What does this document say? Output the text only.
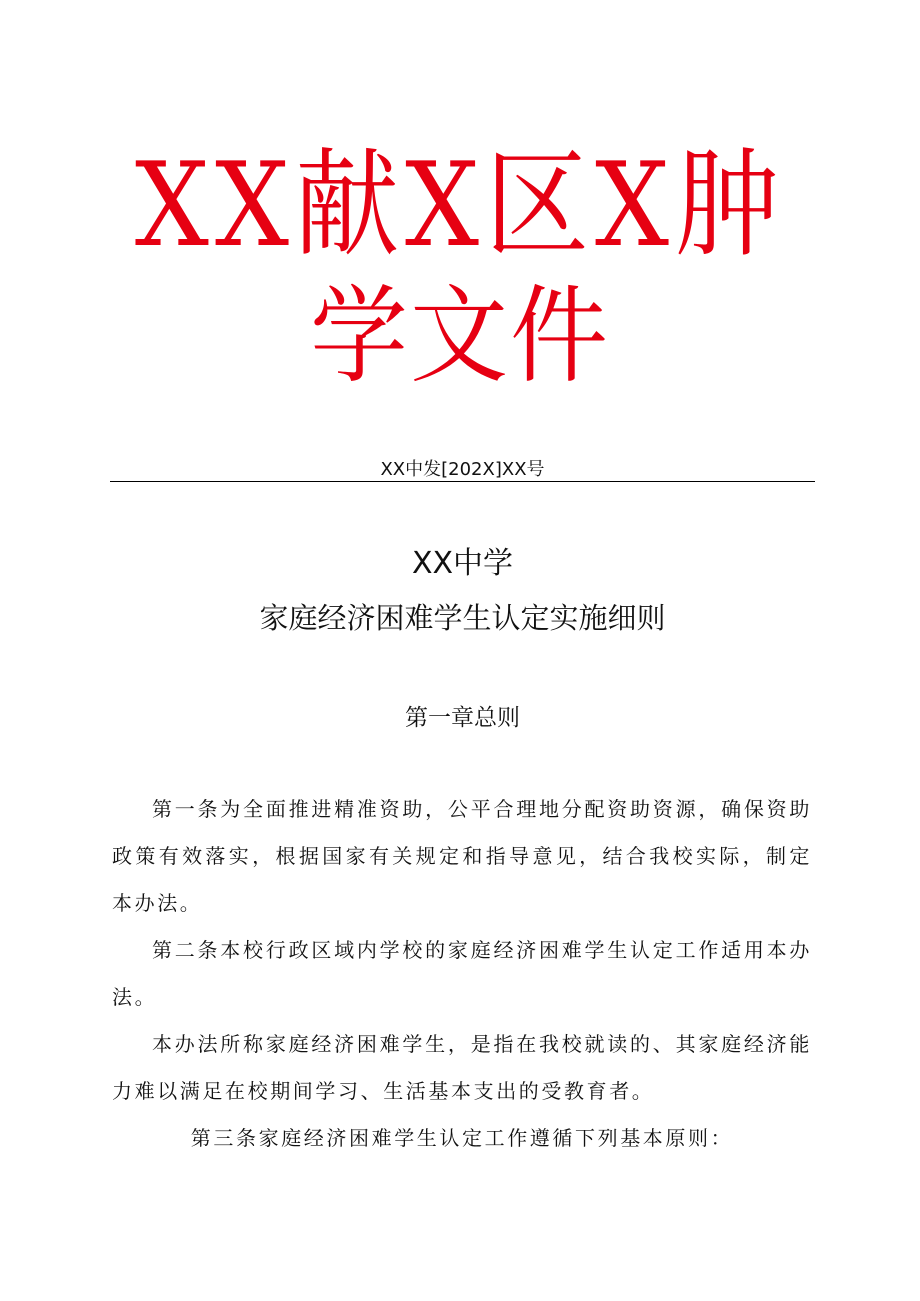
XX献X区X肿
学文件
XX中发[202X]XX号
XX中学
家庭经济困难学生认定实施细则
第一章总则

第一条为全面推进精准资助，公平合理地分配资助资源，确保资助政策有效落实，根据国家有关规定和指导意见，结合我校实际，制定本办法。

第二条本校行政区域内学校的家庭经济困难学生认定工作适用本办法。

本办法所称家庭经济困难学生，是指在我校就读的、其家庭经济能力难以满足在校期间学习、生活基本支出的受教育者。

第三条家庭经济困难学生认定工作遵循下列基本原则：
